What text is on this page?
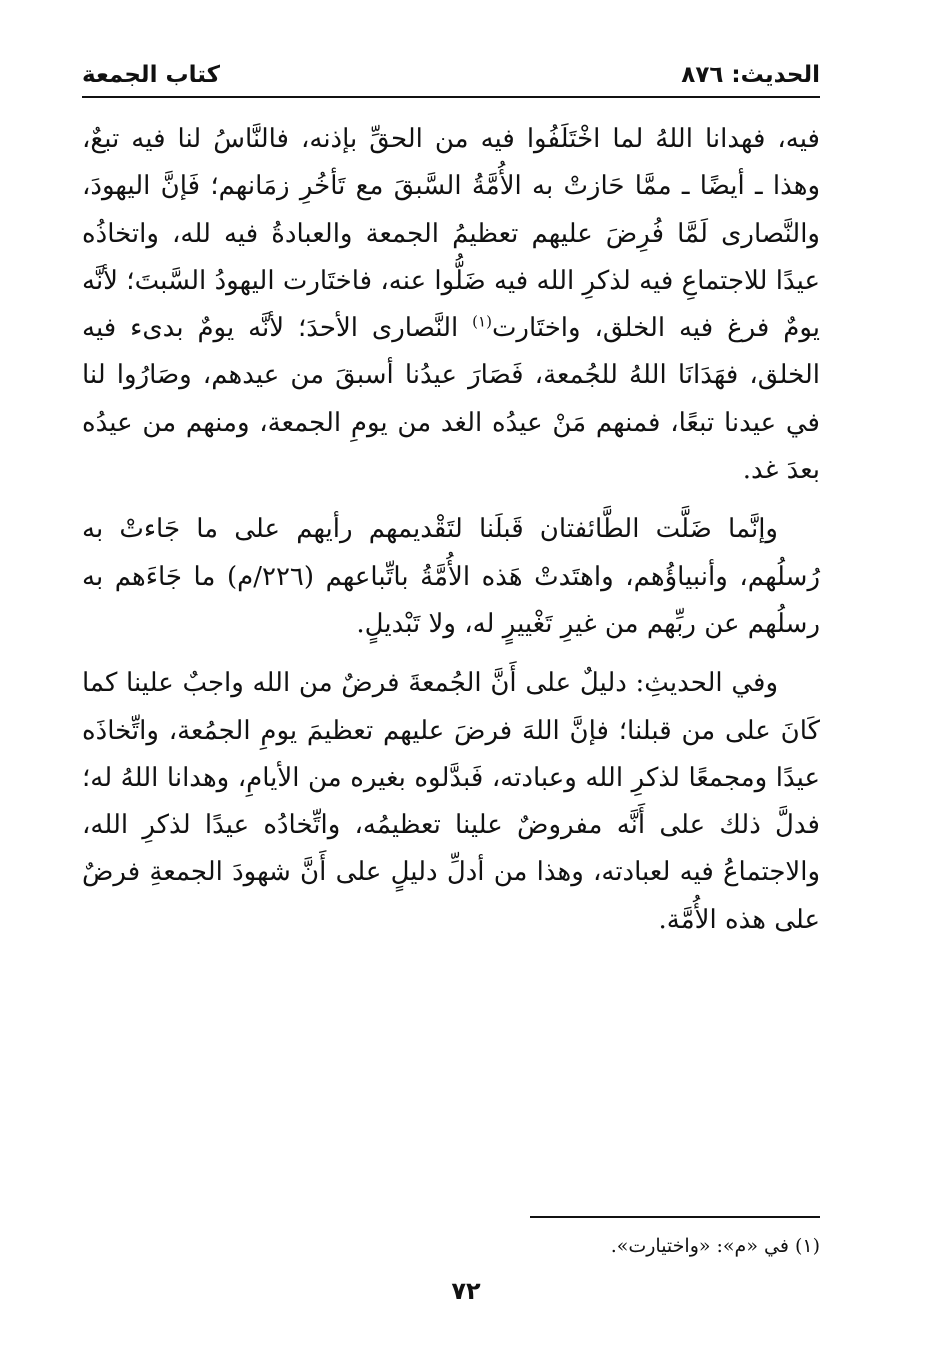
الحديث: ٨٧٦
كتاب الجمعة

فيه، فهدانا اللهُ لما اخْتَلَفُوا فيه من الحقِّ بإذنه، فالنَّاسُ لنا فيه تبعٌ، وهذا ـ أيضًا ـ ممَّا حَازتْ به الأُمَّةُ السَّبقَ مع تَأخُرِ زمَانهم؛ فَإنَّ اليهودَ، والنَّصارى لَمَّا فُرِضَ عليهم تعظيمُ الجمعة والعبادةُ فيه لله، واتخاذُه عيدًا للاجتماعِ فيه لذكرِ الله فيه ضَلُّوا عنه، فاختَارت اليهودُ السَّبتَ؛ لأنَّه يومٌ فرغ فيه الخلق، واختَارت$^{(١)}$ النَّصارى الأحدَ؛ لأنَّه يومٌ بدىء فيه الخلق، فهَدَانَا اللهُ للجُمعة، فَصَارَ عيدُنا أسبقَ من عيدهم، وصَارُوا لنا في عيدنا تبعًا، فمنهم مَنْ عيدُه الغد من يومِ الجمعة، ومنهم من عيدُه بعدَ غد.

وإنَّما ضَلَّت الطَّائفتان قَبلَنا لتَقْديمهم رأيهم على ما جَاءتْ به رُسلُهم، وأنبياؤُهم، واهتَدتْ هَذه الأُمَّةُ باتِّباعهم (٢٢٦/م) ما جَاءَهم به رسلُهم عن ربِّهم من غيرِ تَغْييرٍ له، ولا تَبْديلٍ.

وفي الحديثِ: دليلٌ على أَنَّ الجُمعةَ فرضٌ من الله واجبٌ علينا كما كَانَ على من قبلنا؛ فإنَّ اللهَ فرضَ عليهم تعظيمَ يومِ الجمُعة، واتِّخاذَه عيدًا ومجمعًا لذكرِ الله وعبادته، فَبدَّلوه بغيره من الأيامِ، وهدانا اللهُ له؛ فدلَّ ذلك على أَنَّه مفروضٌ علينا تعظيمُه، واتِّخادُه عيدًا لذكرِ الله، والاجتماعُ فيه لعبادته، وهذا من أدلِّ دليلٍ على أَنَّ شهودَ الجمعةِ فرضٌ على هذه الأُمَّة.

(١) في «م»: «واختيارت».
٧٢
